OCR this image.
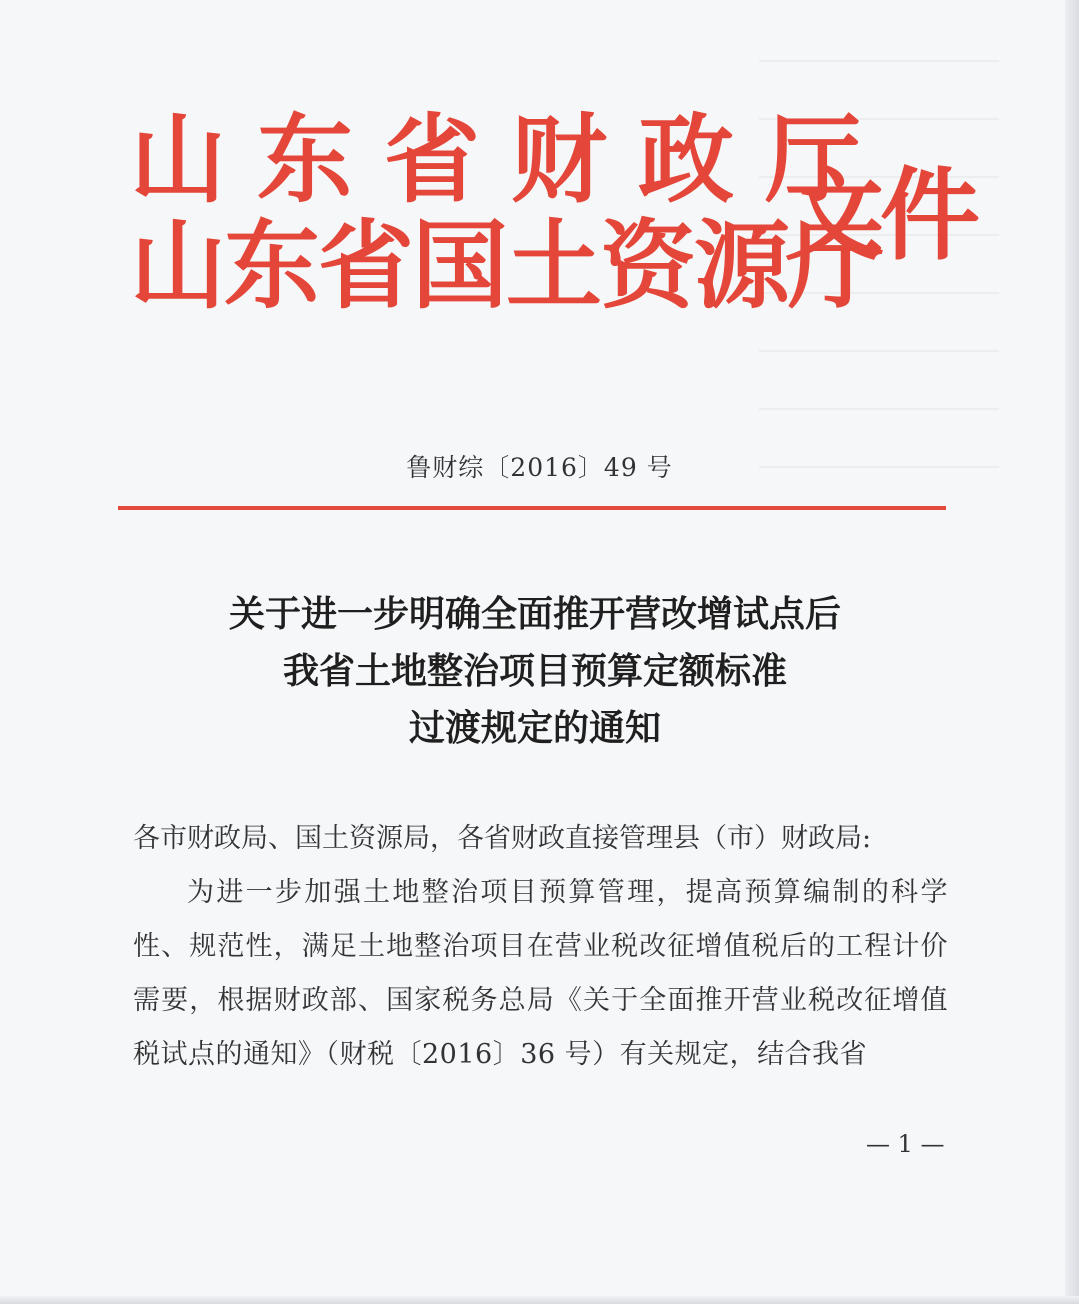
山东省财政厅
山东省国土资源厅
文件
鲁财综〔2016〕49 号
关于进一步明确全面推开营改增试点后
我省土地整治项目预算定额标准
过渡规定的通知

各市财政局、国土资源局，各省财政直接管理县（市）财政局:

为进一步加强土地整治项目预算管理，提高预算编制的科学性、规范性，满足土地整治项目在营业税改征增值税后的工程计价需要，根据财政部、国家税务总局《关于全面推开营业税改征增值税试点的通知》（财税〔2016〕36 号）有关规定，结合我省

— 1 —
